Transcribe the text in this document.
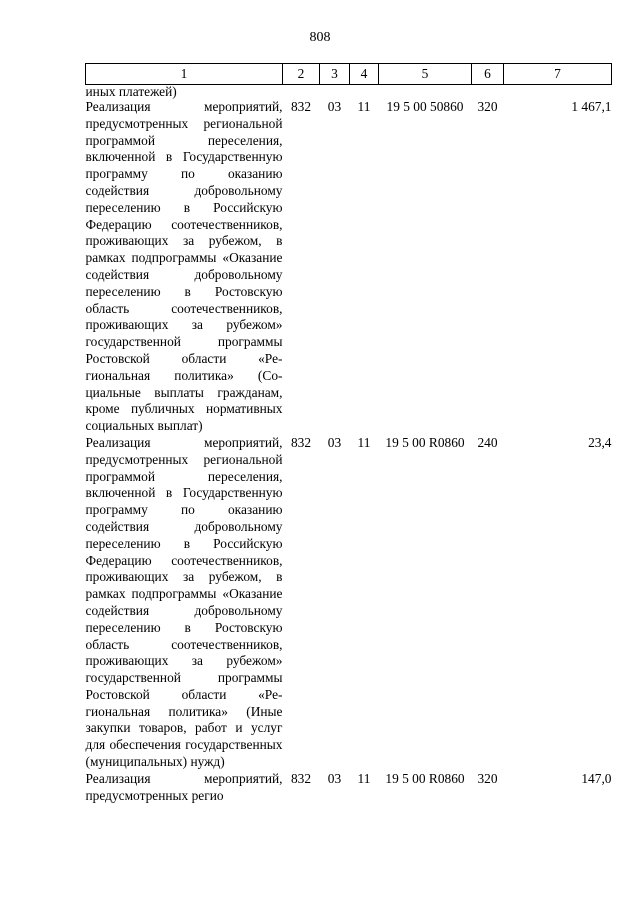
808
1	2	3	4	5	6	7
иных платежей)						
Реализация мероприятий, предусмотренных региональной программой переселения, включенной в Государственную программу по оказанию содействия добровольному переселению в Российскую Федерацию соотечественников, проживающих за рубежом, в рамках подпрограммы «Оказание содействия добровольному переселению в Ростовскую область соотечественников, проживающих за рубежом» государственной программы Ростовской области «Региональная политика» (Социальные выплаты гражданам, кроме публичных нормативных социальных выплат)	832	03	11	19 5 00 50860	320	1 467,1
Реализация мероприятий, предусмотренных региональной программой переселения, включенной в Государственную программу по оказанию содействия добровольному переселению в Российскую Федерацию соотечественников, проживающих за рубежом, в рамках подпрограммы «Оказание содействия добровольному переселению в Ростовскую область соотечественников, проживающих за рубежом» государственной программы Ростовской области «Региональная политика» (Иные закупки товаров, работ и услуг для обеспечения государственных (муниципальных) нужд)	832	03	11	19 5 00 R0860	240	23,4
Реализация мероприятий, предусмотренных регио	832	03	11	19 5 00 R0860	320	147,0
